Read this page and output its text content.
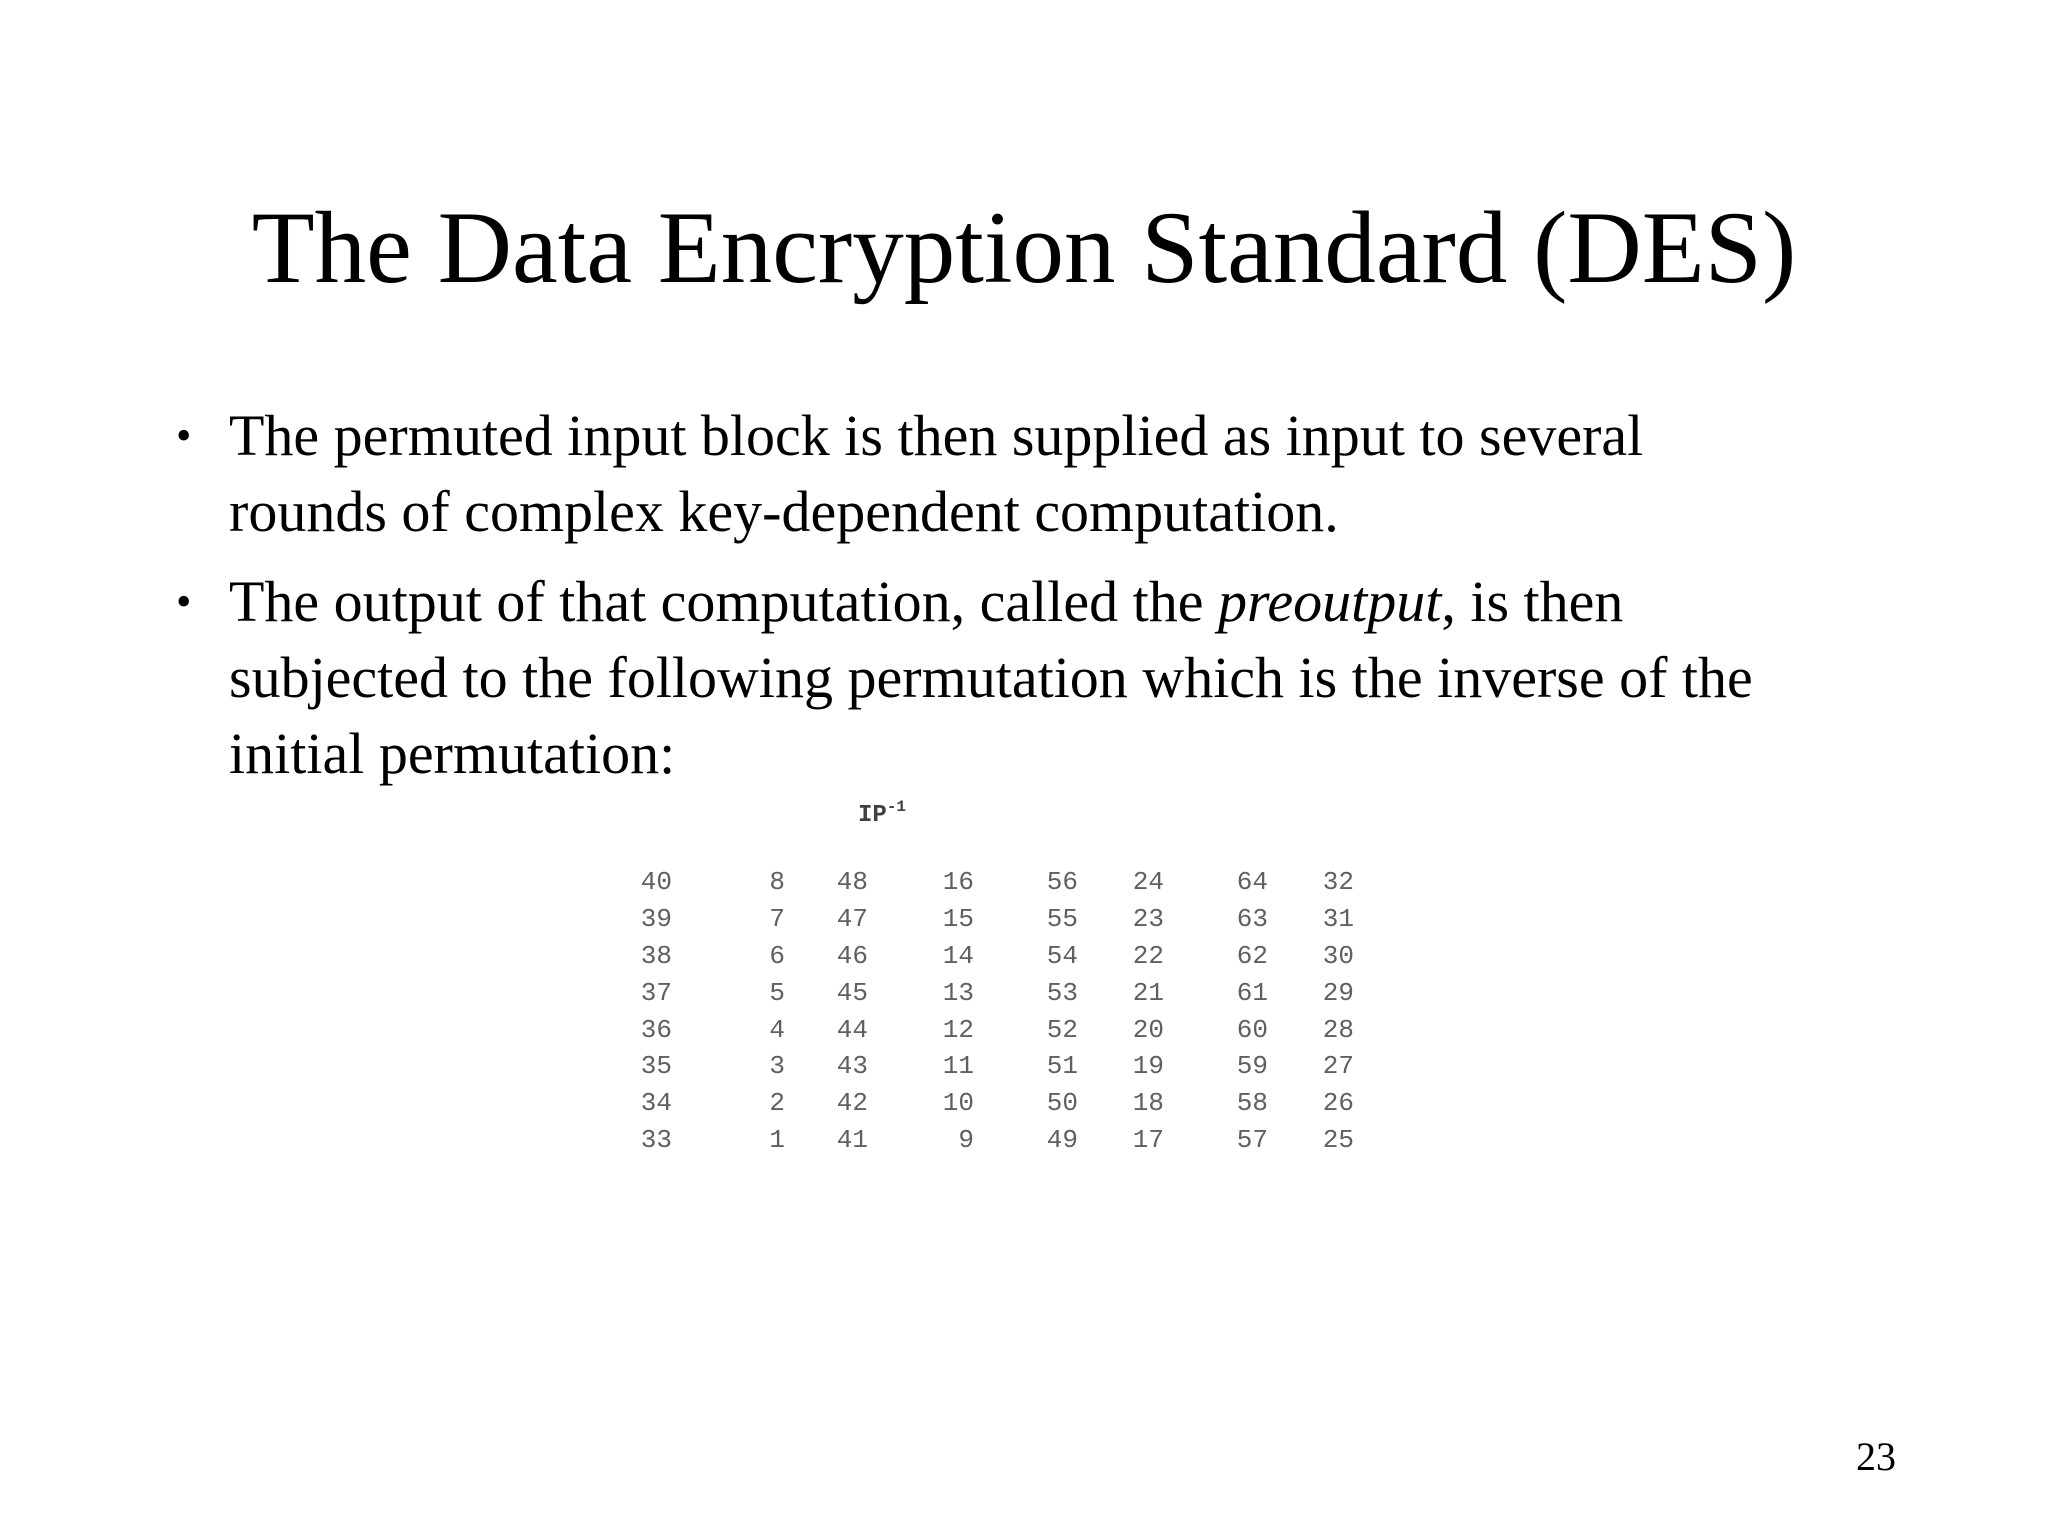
The Data Encryption Standard (DES)
• The permuted input block is then supplied as input to several
rounds of complex key-dependent computation.
• The output of that computation, called the preoutput, is then
subjected to the following permutation which is the inverse of the
initial permutation:
$IP^{-1}$
40	8	48	16	56	24	64	32
39	7	47	15	55	23	63	31
38	6	46	14	54	22	62	30
37	5	45	13	53	21	61	29
36	4	44	12	52	20	60	28
35	3	43	11	51	19	59	27
34	2	42	10	50	18	58	26
33	1	41	9	49	17	57	25
23
